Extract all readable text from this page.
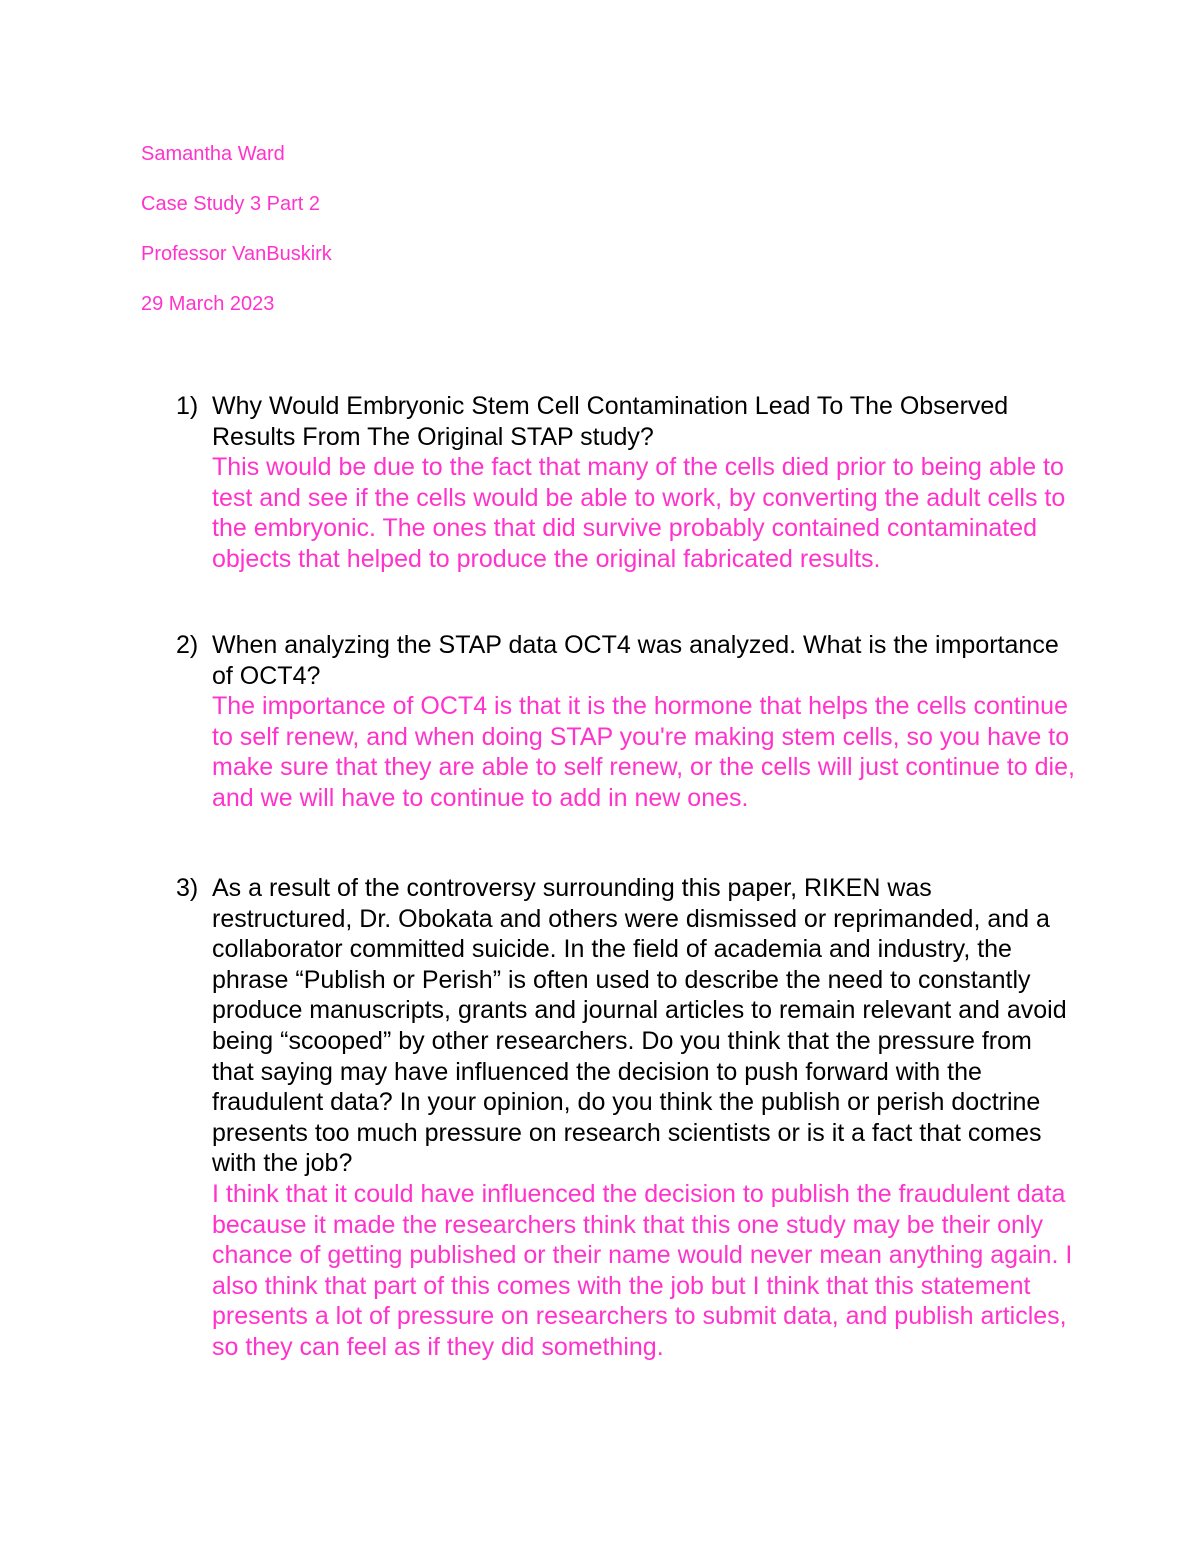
Samantha Ward
Case Study 3 Part 2
Professor VanBuskirk
29 March 2023
1) Why Would Embryonic Stem Cell Contamination Lead To The Observed Results From The Original STAP study?
This would be due to the fact that many of the cells died prior to being able to test and see if the cells would be able to work, by converting the adult cells to the embryonic. The ones that did survive probably contained contaminated objects that helped to produce the original fabricated results.
2) When analyzing the STAP data OCT4 was analyzed. What is the importance of OCT4?
The importance of OCT4 is that it is the hormone that helps the cells continue to self renew, and when doing STAP you're making stem cells, so you have to make sure that they are able to self renew, or the cells will just continue to die, and we will have to continue to add in new ones.
3) As a result of the controversy surrounding this paper, RIKEN was restructured, Dr. Obokata and others were dismissed or reprimanded, and a collaborator committed suicide. In the field of academia and industry, the phrase “Publish or Perish” is often used to describe the need to constantly produce manuscripts, grants and journal articles to remain relevant and avoid being “scooped” by other researchers. Do you think that the pressure from that saying may have influenced the decision to push forward with the fraudulent data? In your opinion, do you think the publish or perish doctrine presents too much pressure on research scientists or is it a fact that comes with the job?
I think that it could have influenced the decision to publish the fraudulent data because it made the researchers think that this one study may be their only chance of getting published or their name would never mean anything again. I also think that part of this comes with the job but I think that this statement presents a lot of pressure on researchers to submit data, and publish articles, so they can feel as if they did something.
